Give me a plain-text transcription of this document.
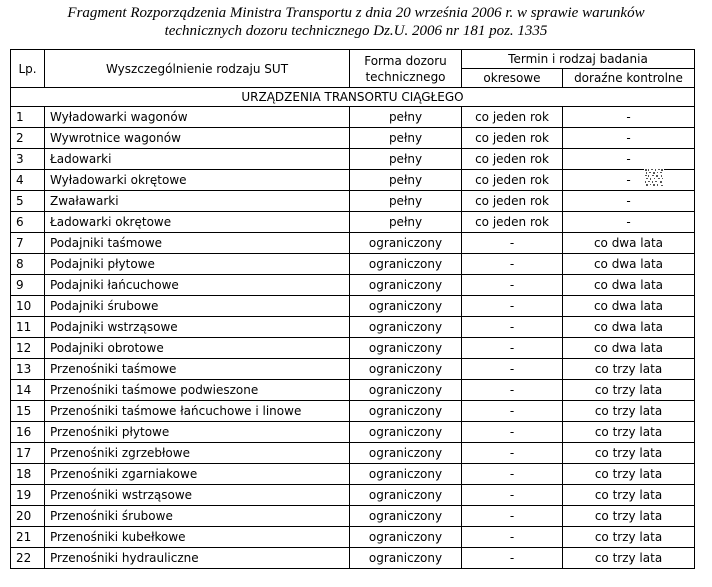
Fragment Rozporządzenia Ministra Transportu z dnia 20 września 2006 r. w sprawie warunków
technicznych dozoru technicznego Dz.U. 2006 nr 181 poz. 1335
Lp.	Wyszczególnienie rodzaju SUT	Forma dozoru technicznego	Termin i rodzaj badania	
			okresowe	doraźne kontrolne
URZĄDZENIA TRANSORTU CIĄGŁEGO				
1	Wyładowarki wagonów	pełny	co jeden rok	-
2	Wywrotnice wagonów	pełny	co jeden rok	-
3	Ładowarki	pełny	co jeden rok	-
4	Wyładowarki okrętowe	pełny	co jeden rok	-
5	Zwaławarki	pełny	co jeden rok	-
6	Ładowarki okrętowe	pełny	co jeden rok	-
7	Podajniki taśmowe	ograniczony	-	co dwa lata
8	Podajniki płytowe	ograniczony	-	co dwa lata
9	Podajniki łańcuchowe	ograniczony	-	co dwa lata
10	Podajniki śrubowe	ograniczony	-	co dwa lata
11	Podajniki wstrząsowe	ograniczony	-	co dwa lata
12	Podajniki obrotowe	ograniczony	-	co dwa lata
13	Przenośniki taśmowe	ograniczony	-	co trzy lata
14	Przenośniki taśmowe podwieszone	ograniczony	-	co trzy lata
15	Przenośniki taśmowe łańcuchowe i linowe	ograniczony	-	co trzy lata
16	Przenośniki płytowe	ograniczony	-	co trzy lata
17	Przenośniki zgrzebłowe	ograniczony	-	co trzy lata
18	Przenośniki zgarniakowe	ograniczony	-	co trzy lata
19	Przenośniki wstrząsowe	ograniczony	-	co trzy lata
20	Przenośniki śrubowe	ograniczony	-	co trzy lata
21	Przenośniki kubełkowe	ograniczony	-	co trzy lata
22	Przenośniki hydrauliczne	ograniczony	-	co trzy lata
